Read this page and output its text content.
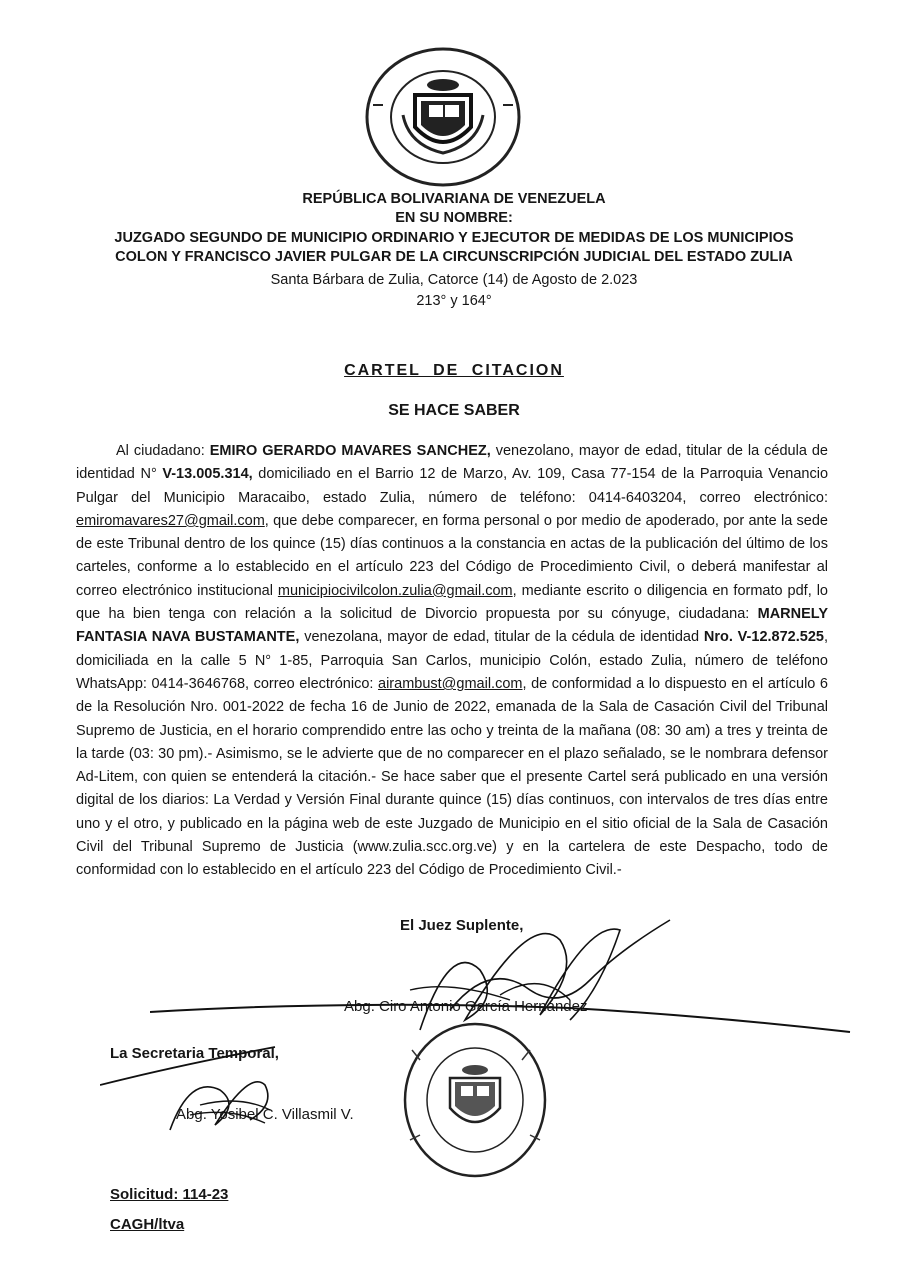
REPÚBLICA BOLIVARIANA DE VENEZUELA
EN SU NOMBRE:
JUZGADO SEGUNDO DE MUNICIPIO ORDINARIO Y EJECUTOR DE MEDIDAS DE LOS MUNICIPIOS
COLON Y FRANCISCO JAVIER PULGAR DE LA CIRCUNSCRIPCIÓN JUDICIAL DEL ESTADO ZULIA
Santa Bárbara de Zulia, Catorce (14) de Agosto de 2.023
213° y 164°
CARTEL DE CITACION
SE HACE SABER
Al ciudadano: EMIRO GERARDO MAVARES SANCHEZ, venezolano, mayor de edad, titular de la cédula de identidad N° V-13.005.314, domiciliado en el Barrio 12 de Marzo, Av. 109, Casa 77-154 de la Parroquia Venancio Pulgar del Municipio Maracaibo, estado Zulia, número de teléfono: 0414-6403204, correo electrónico: emiromavares27@gmail.com, que debe comparecer, en forma personal o por medio de apoderado, por ante la sede de este Tribunal dentro de los quince (15) días continuos a la constancia en actas de la publicación del último de los carteles, conforme a lo establecido en el artículo 223 del Código de Procedimiento Civil, o deberá manifestar al correo electrónico institucional municipiocivilcolon.zulia@gmail.com, mediante escrito o diligencia en formato pdf, lo que ha bien tenga con relación a la solicitud de Divorcio propuesta por su cónyuge, ciudadana: MARNELY FANTASIA NAVA BUSTAMANTE, venezolana, mayor de edad, titular de la cédula de identidad Nro. V-12.872.525, domiciliada en la calle 5 N° 1-85, Parroquia San Carlos, municipio Colón, estado Zulia, número de teléfono WhatsApp: 0414-3646768, correo electrónico: airambust@gmail.com, de conformidad a lo dispuesto en el artículo 6 de la Resolución Nro. 001-2022 de fecha 16 de Junio de 2022, emanada de la Sala de Casación Civil del Tribunal Supremo de Justicia, en el horario comprendido entre las ocho y treinta de la mañana (08: 30 am) a tres y treinta de la tarde (03: 30 pm).- Asimismo, se le advierte que de no comparecer en el plazo señalado, se le nombrara defensor Ad-Litem, con quien se entenderá la citación.- Se hace saber que el presente Cartel será publicado en una versión digital de los diarios: La Verdad y Versión Final durante quince (15) días continuos, con intervalos de tres días entre uno y el otro, y publicado en la página web de este Juzgado de Municipio en el sitio oficial de la Sala de Casación Civil del Tribunal Supremo de Justicia (www.zulia.scc.org.ve) y en la cartelera de este Despacho, todo de conformidad con lo establecido en el artículo 223 del Código de Procedimiento Civil.-
El Juez Suplente,
Abg. Ciro Antonio García Hernández
La Secretaria Temporal,
Abg. Yosibel C. Villasmil V.
Solicitud: 114-23
CAGH/ltva
